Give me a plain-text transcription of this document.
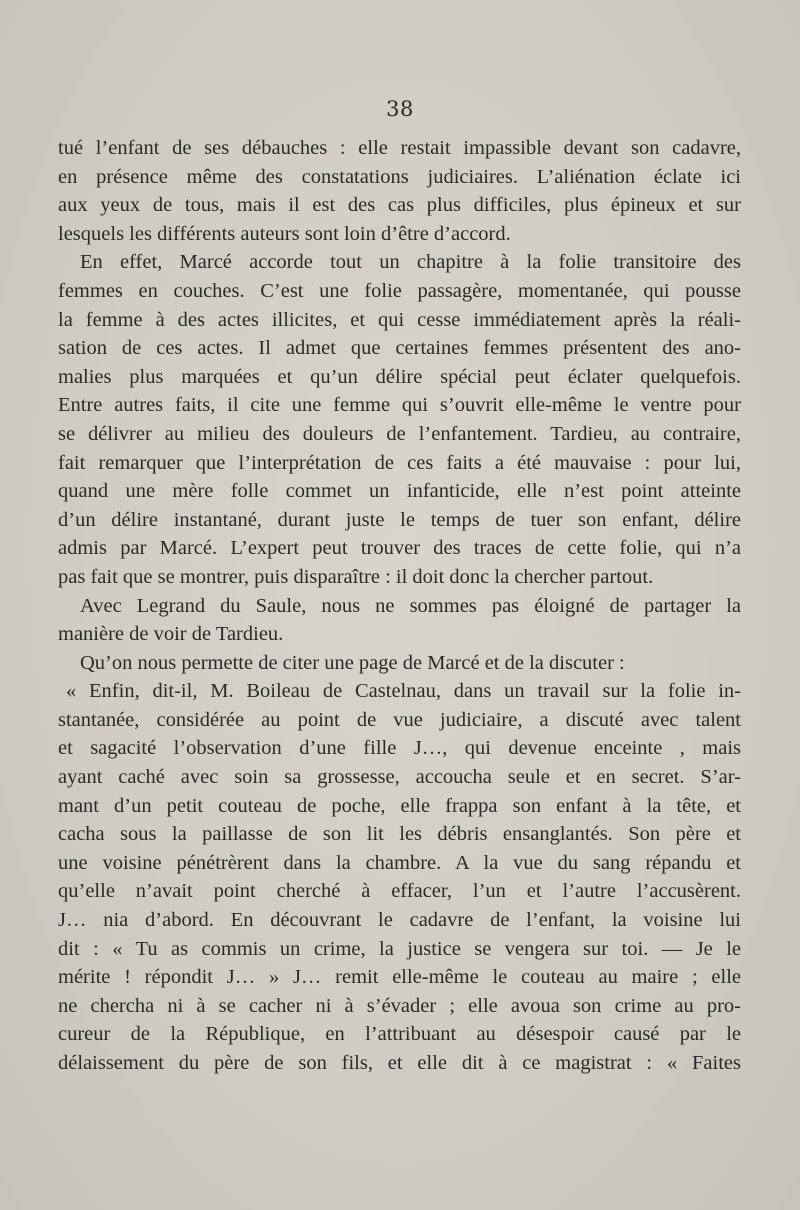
38
tué l’enfant de ses débauches : elle restait impassible devant son cadavre,
en présence même des constatations judiciaires. L’aliénation éclate ici
aux yeux de tous, mais il est des cas plus difficiles, plus épineux et sur
lesquels les différents auteurs sont loin d’être d’accord.
En effet, Marcé accorde tout un chapitre à la folie transitoire des
femmes en couches. C’est une folie passagère, momentanée, qui pousse
la femme à des actes illicites, et qui cesse immédiatement après la réali-
sation de ces actes. Il admet que certaines femmes présentent des ano-
malies plus marquées et qu’un délire spécial peut éclater quelquefois.
Entre autres faits, il cite une femme qui s’ouvrit elle-même le ventre pour
se délivrer au milieu des douleurs de l’enfantement. Tardieu, au contraire,
fait remarquer que l’interprétation de ces faits a été mauvaise : pour lui,
quand une mère folle commet un infanticide, elle n’est point atteinte
d’un délire instantané, durant juste le temps de tuer son enfant, délire
admis par Marcé. L’expert peut trouver des traces de cette folie, qui n’a
pas fait que se montrer, puis disparaître : il doit donc la chercher partout.
Avec Legrand du Saule, nous ne sommes pas éloigné de partager la
manière de voir de Tardieu.
Qu’on nous permette de citer une page de Marcé et de la discuter :
« Enfin, dit-il, M. Boileau de Castelnau, dans un travail sur la folie in-
stantanée, considérée au point de vue judiciaire, a discuté avec talent
et sagacité l’observation d’une fille J…, qui devenue enceinte , mais
ayant caché avec soin sa grossesse, accoucha seule et en secret. S’ar-
mant d’un petit couteau de poche, elle frappa son enfant à la tête, et
cacha sous la paillasse de son lit les débris ensanglantés. Son père et
une voisine pénétrèrent dans la chambre. A la vue du sang répandu et
qu’elle n’avait point cherché à effacer, l’un et l’autre l’accusèrent.
J… nia d’abord. En découvrant le cadavre de l’enfant, la voisine lui
dit : « Tu as commis un crime, la justice se vengera sur toi. — Je le
mérite ! répondit J… » J… remit elle-même le couteau au maire ; elle
ne chercha ni à se cacher ni à s’évader ; elle avoua son crime au pro-
cureur de la République, en l’attribuant au désespoir causé par le
délaissement du père de son fils, et elle dit à ce magistrat : « Faites
